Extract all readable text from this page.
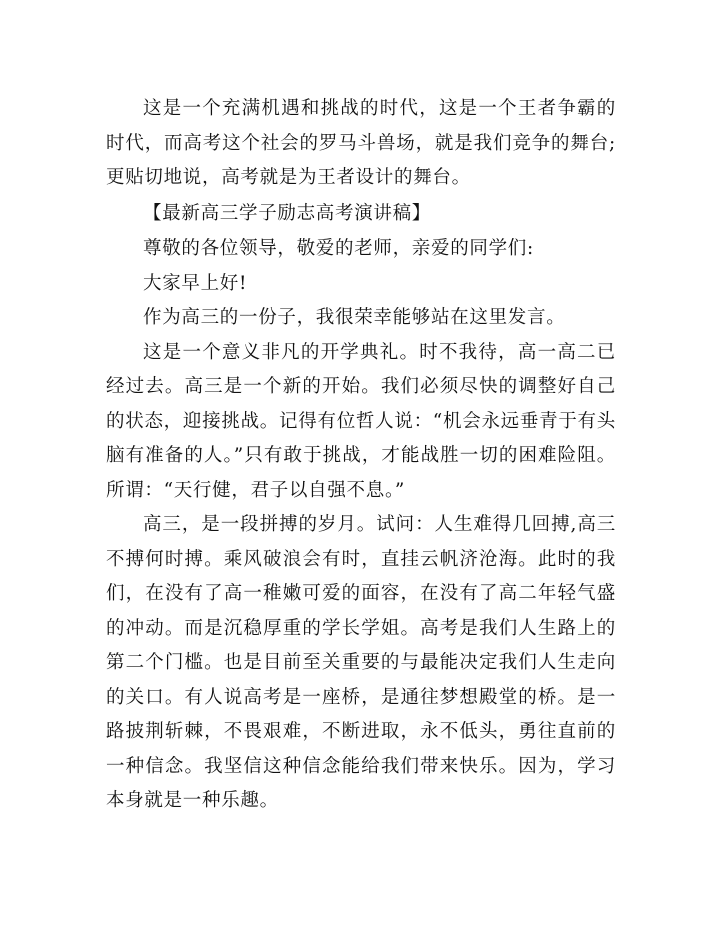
这是一个充满机遇和挑战的时代，这是一个王者争霸的时代，而高考这个社会的罗马斗兽场，就是我们竞争的舞台;更贴切地说，高考就是为王者设计的舞台。

【最新高三学子励志高考演讲稿】

尊敬的各位领导，敬爱的老师，亲爱的同学们:

大家早上好!

作为高三的一份子，我很荣幸能够站在这里发言。

这是一个意义非凡的开学典礼。时不我待，高一高二已经过去。高三是一个新的开始。我们必须尽快的调整好自己的状态，迎接挑战。记得有位哲人说：“机会永远垂青于有头脑有准备的人。”只有敢于挑战，才能战胜一切的困难险阻。所谓：“天行健，君子以自强不息。”

高三，是一段拼搏的岁月。试问：人生难得几回搏,高三不搏何时搏。乘风破浪会有时，直挂云帆济沧海。此时的我们，在没有了高一稚嫩可爱的面容，在没有了高二年轻气盛的冲动。而是沉稳厚重的学长学姐。高考是我们人生路上的第二个门槛。也是目前至关重要的与最能决定我们人生走向的关口。有人说高考是一座桥，是通往梦想殿堂的桥。是一路披荆斩棘，不畏艰难，不断进取，永不低头，勇往直前的一种信念。我坚信这种信念能给我们带来快乐。因为，学习本身就是一种乐趣。
